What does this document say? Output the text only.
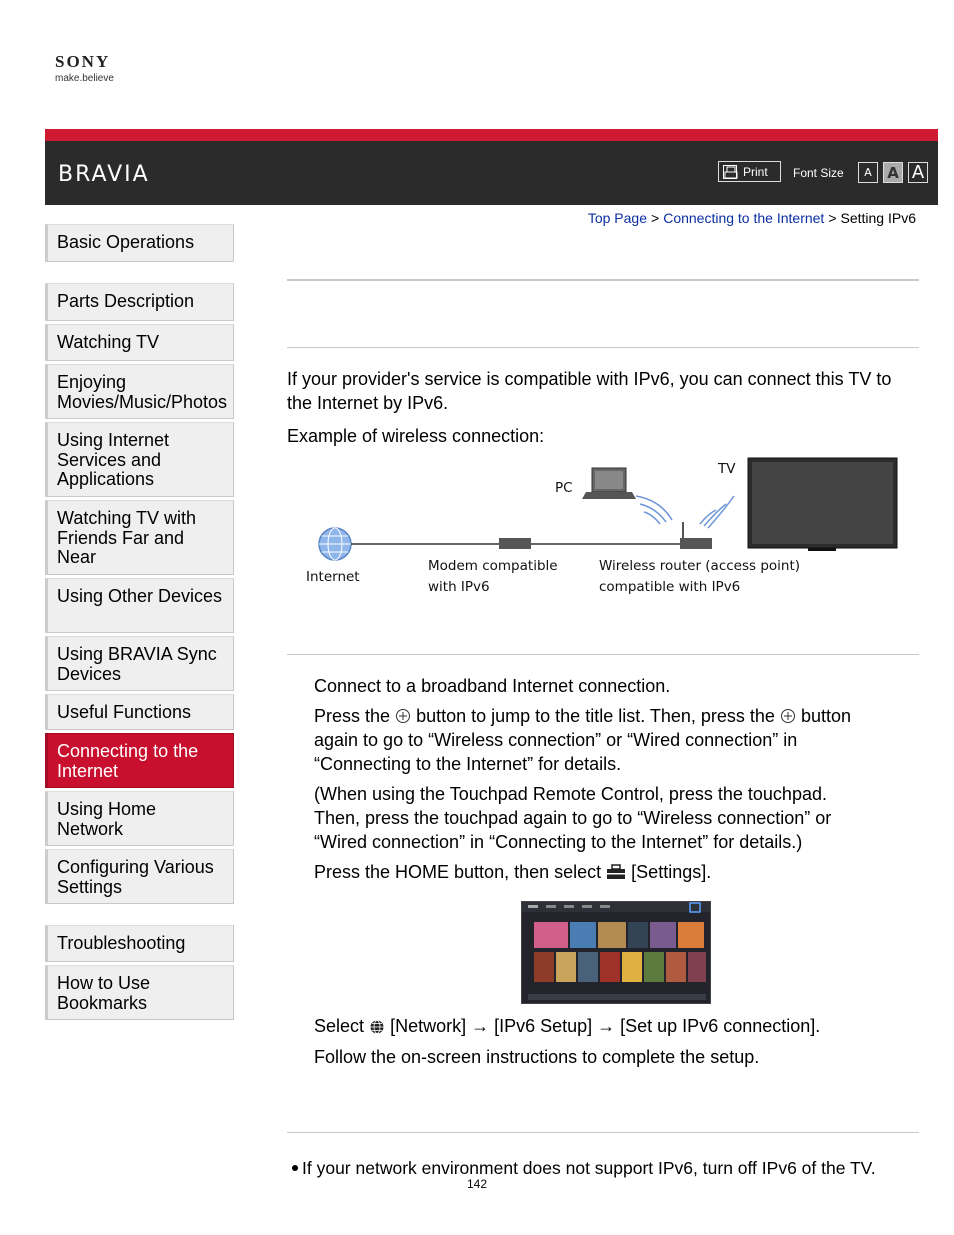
SONY
make.believe
BRAVIA	Print Font Size	A	A A
Top Page > Connecting to the Internet > Setting IPv6
Basic Operations
Parts Description
Watching TV
Enjoying Movies/Music/Photos
Using Internet Services and Applications
Watching TV with Friends Far and Near
Using Other Devices
Using BRAVIA Sync Devices
Useful Functions
Connecting to the Internet
Using Home Network
Configuring Various Settings
Troubleshooting
How to Use Bookmarks
If your provider's service is compatible with IPv6, you can connect this TV to the Internet by IPv6.
Example of wireless connection:
Internet
Modem compatible
with IPv6
Wireless router (access point)
compatible with IPv6
PC
TV
Connect to a broadband Internet connection.
Press the button to jump to the title list. Then, press the button
again to go to “Wireless connection” or “Wired connection” in
“Connecting to the Internet” for details.
(When using the Touchpad Remote Control, press the touchpad.
Then, press the touchpad again to go to “Wireless connection” or
“Wired connection” in “Connecting to the Internet” for details.)
Press the HOME button, then select [Settings].
Select [Network] → [IPv6 Setup] → [Set up IPv6 connection].
Follow the on-screen instructions to complete the setup.
If your network environment does not support IPv6, turn off IPv6 of the TV.
142
